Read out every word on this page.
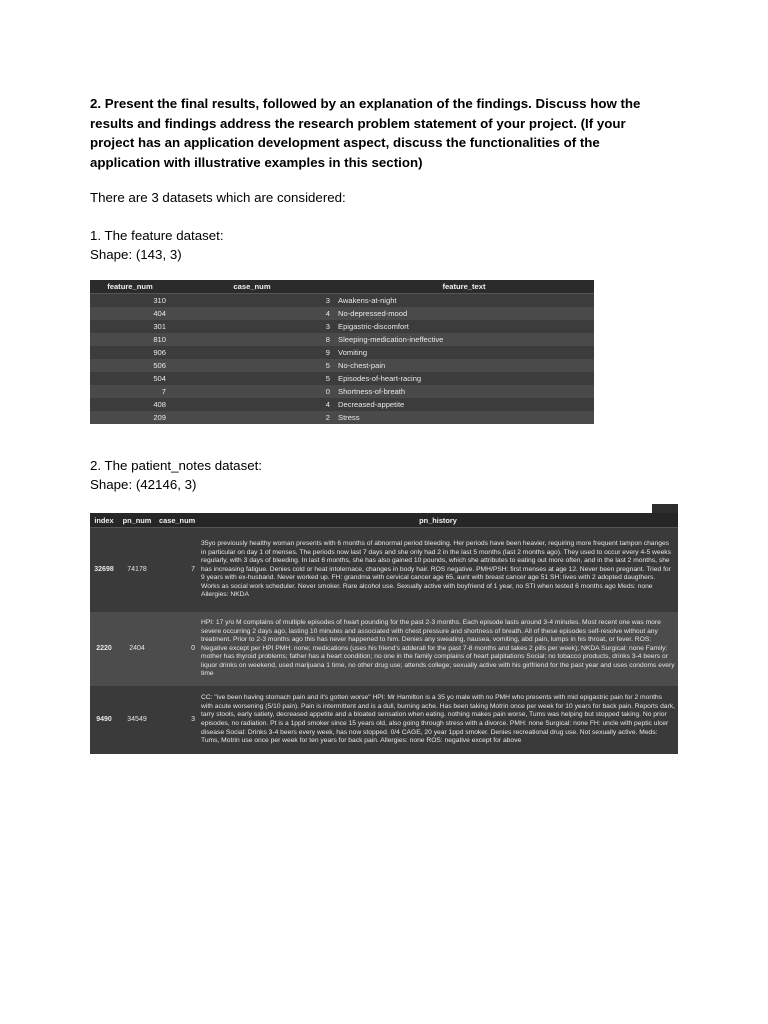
2. Present the final results, followed by an explanation of the findings. Discuss how the results and findings address the research problem statement of your project. (If your project has an application development aspect, discuss the functionalities of the application with illustrative examples in this section)
There are 3 datasets which are considered:
1. The feature dataset:
Shape: (143, 3)
feature_num	case_num	feature_text
310	3	Awakens-at-night
404	4	No-depressed-mood
301	3	Epigastric-discomfort
810	8	Sleeping-medication-ineffective
906	9	Vomiting
506	5	No-chest-pain
504	5	Episodes-of-heart-racing
7	0	Shortness-of-breath
408	4	Decreased-appetite
209	2	Stress
2. The patient_notes dataset:
Shape: (42146, 3)
index	pn_num	case_num	pn_history
32698	74178	7	35yo previously healthy woman presents with 6 months of abnormal period bleeding. Her periods have been heavier, requiring more frequent tampon changes in particular on day 1 of menses. The periods now last 7 days and she only had 2 in the last 5 months (last 2 months ago). They used to occur every 4-5 weeks regularly, with 3 days of bleeding. In last 6 months, she has also gained 10 pounds, which she attributes to eating out more often, and in the last 2 months, she has increasing fatigue. Denies cold or heat intolernace, changes in body hair. ROS negative. PMH/PSH: first menses at age 12. Never been pregnant. Tried for 9 years with ex-husband. Never worked up. FH: grandma with cervical cancer age 65, aunt with breast cancer age 51 SH: lives with 2 adopted daugthers. Works as social work scheduler. Never smoker. Rare alcohol use. Sexually active with boyfriend of 1 year, no STI when tested 6 months ago Meds: none Allergies: NKDA
2220	2404	0	HPI: 17 y/o M complains of multiple episodes of heart pounding for the past 2-3 months. Each episode lasts around 3-4 minutes. Most recent one was more severe occurring 2 days ago, lasting 10 minutes and associated with chest pressure and shortness of breath. All of these episodes self-resolve without any treatment. Prior to 2-3 months ago this has never happened to him. Denies any sweating, nausea, vomiting, abd pain, lumps in his throat, or fever. ROS: Negative except per HPI PMH: none; medications (uses his friend's adderall for the past 7-8 months and takes 2 pills per week); NKDA Surgical: none Family: mother has thyroid problems; father has a heart condition; no one in the family complains of heart palpitations Social: no tobacco products, drinks 3-4 beers or liquor drinks on weekend, used marijuana 1 time, no other drug use; attends college; sexually active with his girlfriend for the past year and uses condoms every time
9490	34549	3	CC: "ive been having stomach pain and it's gotten worse" HPI: Mr Hamilton is a 35 yo male with no PMH who presents with mid epigastric pain for 2 months with acute worsening (5/10 pain). Pain is intermittent and is a dull, burning ache. Has been taking Motrin once per week for 10 years for back pain. Reports dark, tarry stools, early satiety, decreased appetite and a bloated sensation when eating. nothing makes pain worse, Tums was helping but stopped taking. No prior episodes, no radiation. Pt is a 1ppd smoker since 15 years old, also going through stress with a divorce. PMH: none Surgical: none FH: uncle with peptic ulcer disease Social: Drinks 3-4 beers every week, has now stopped. 0/4 CAGE, 20 year 1ppd smoker. Denies recreational drug use. Not sexually active. Meds: Tums, Motrin use once per week for ten years for back pain. Allergies: none ROS: negative except for above
